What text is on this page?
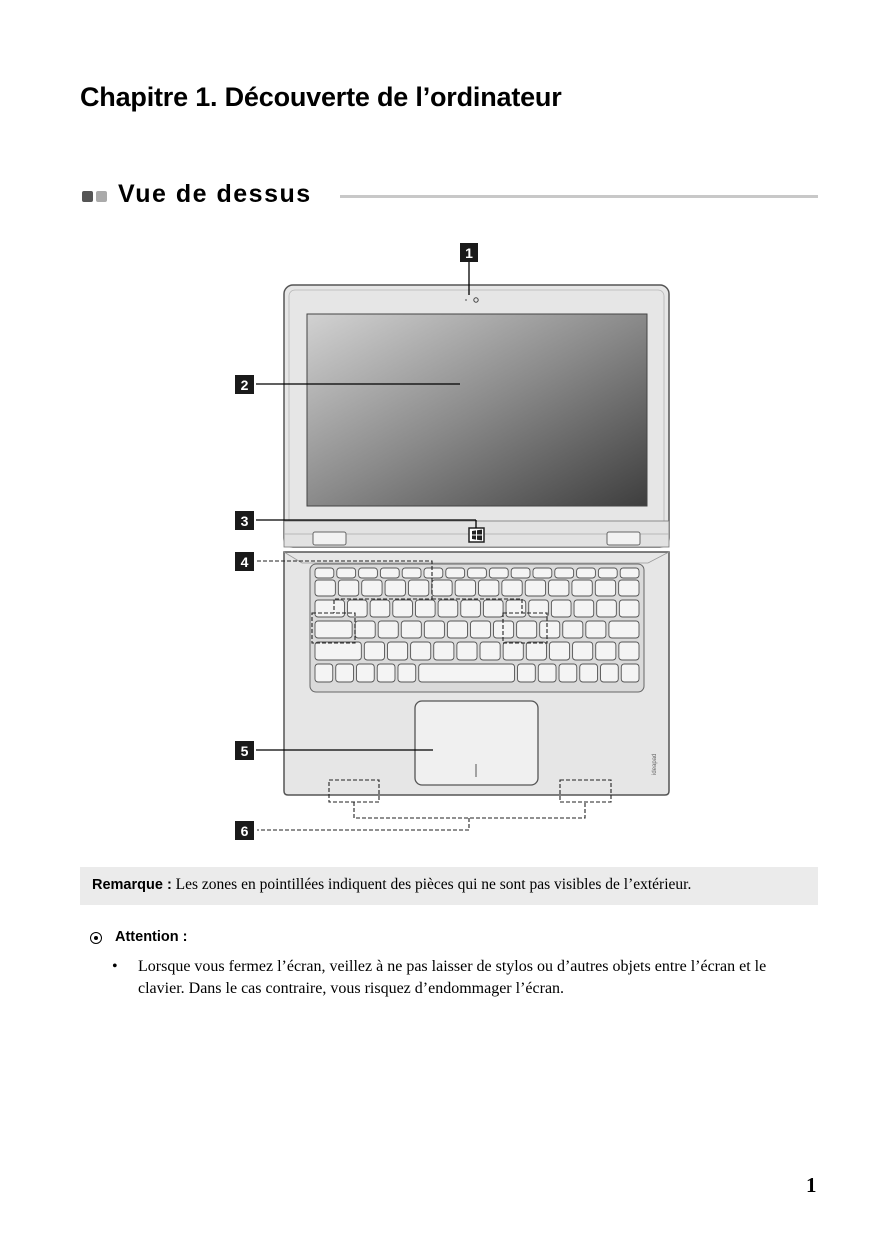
Chapitre 1. Découverte de l’ordinateur
Vue de dessus
ideapad
1
2
3
4
5
6
Remarque : Les zones en pointillées indiquent des pièces qui ne sont pas visibles de l’extérieur.
Attention :
• Lorsque vous fermez l’écran, veillez à ne pas laisser de stylos ou d’autres objets entre l’écran et le clavier. Dans le cas contraire, vous risquez d’endommager l’écran.
1
